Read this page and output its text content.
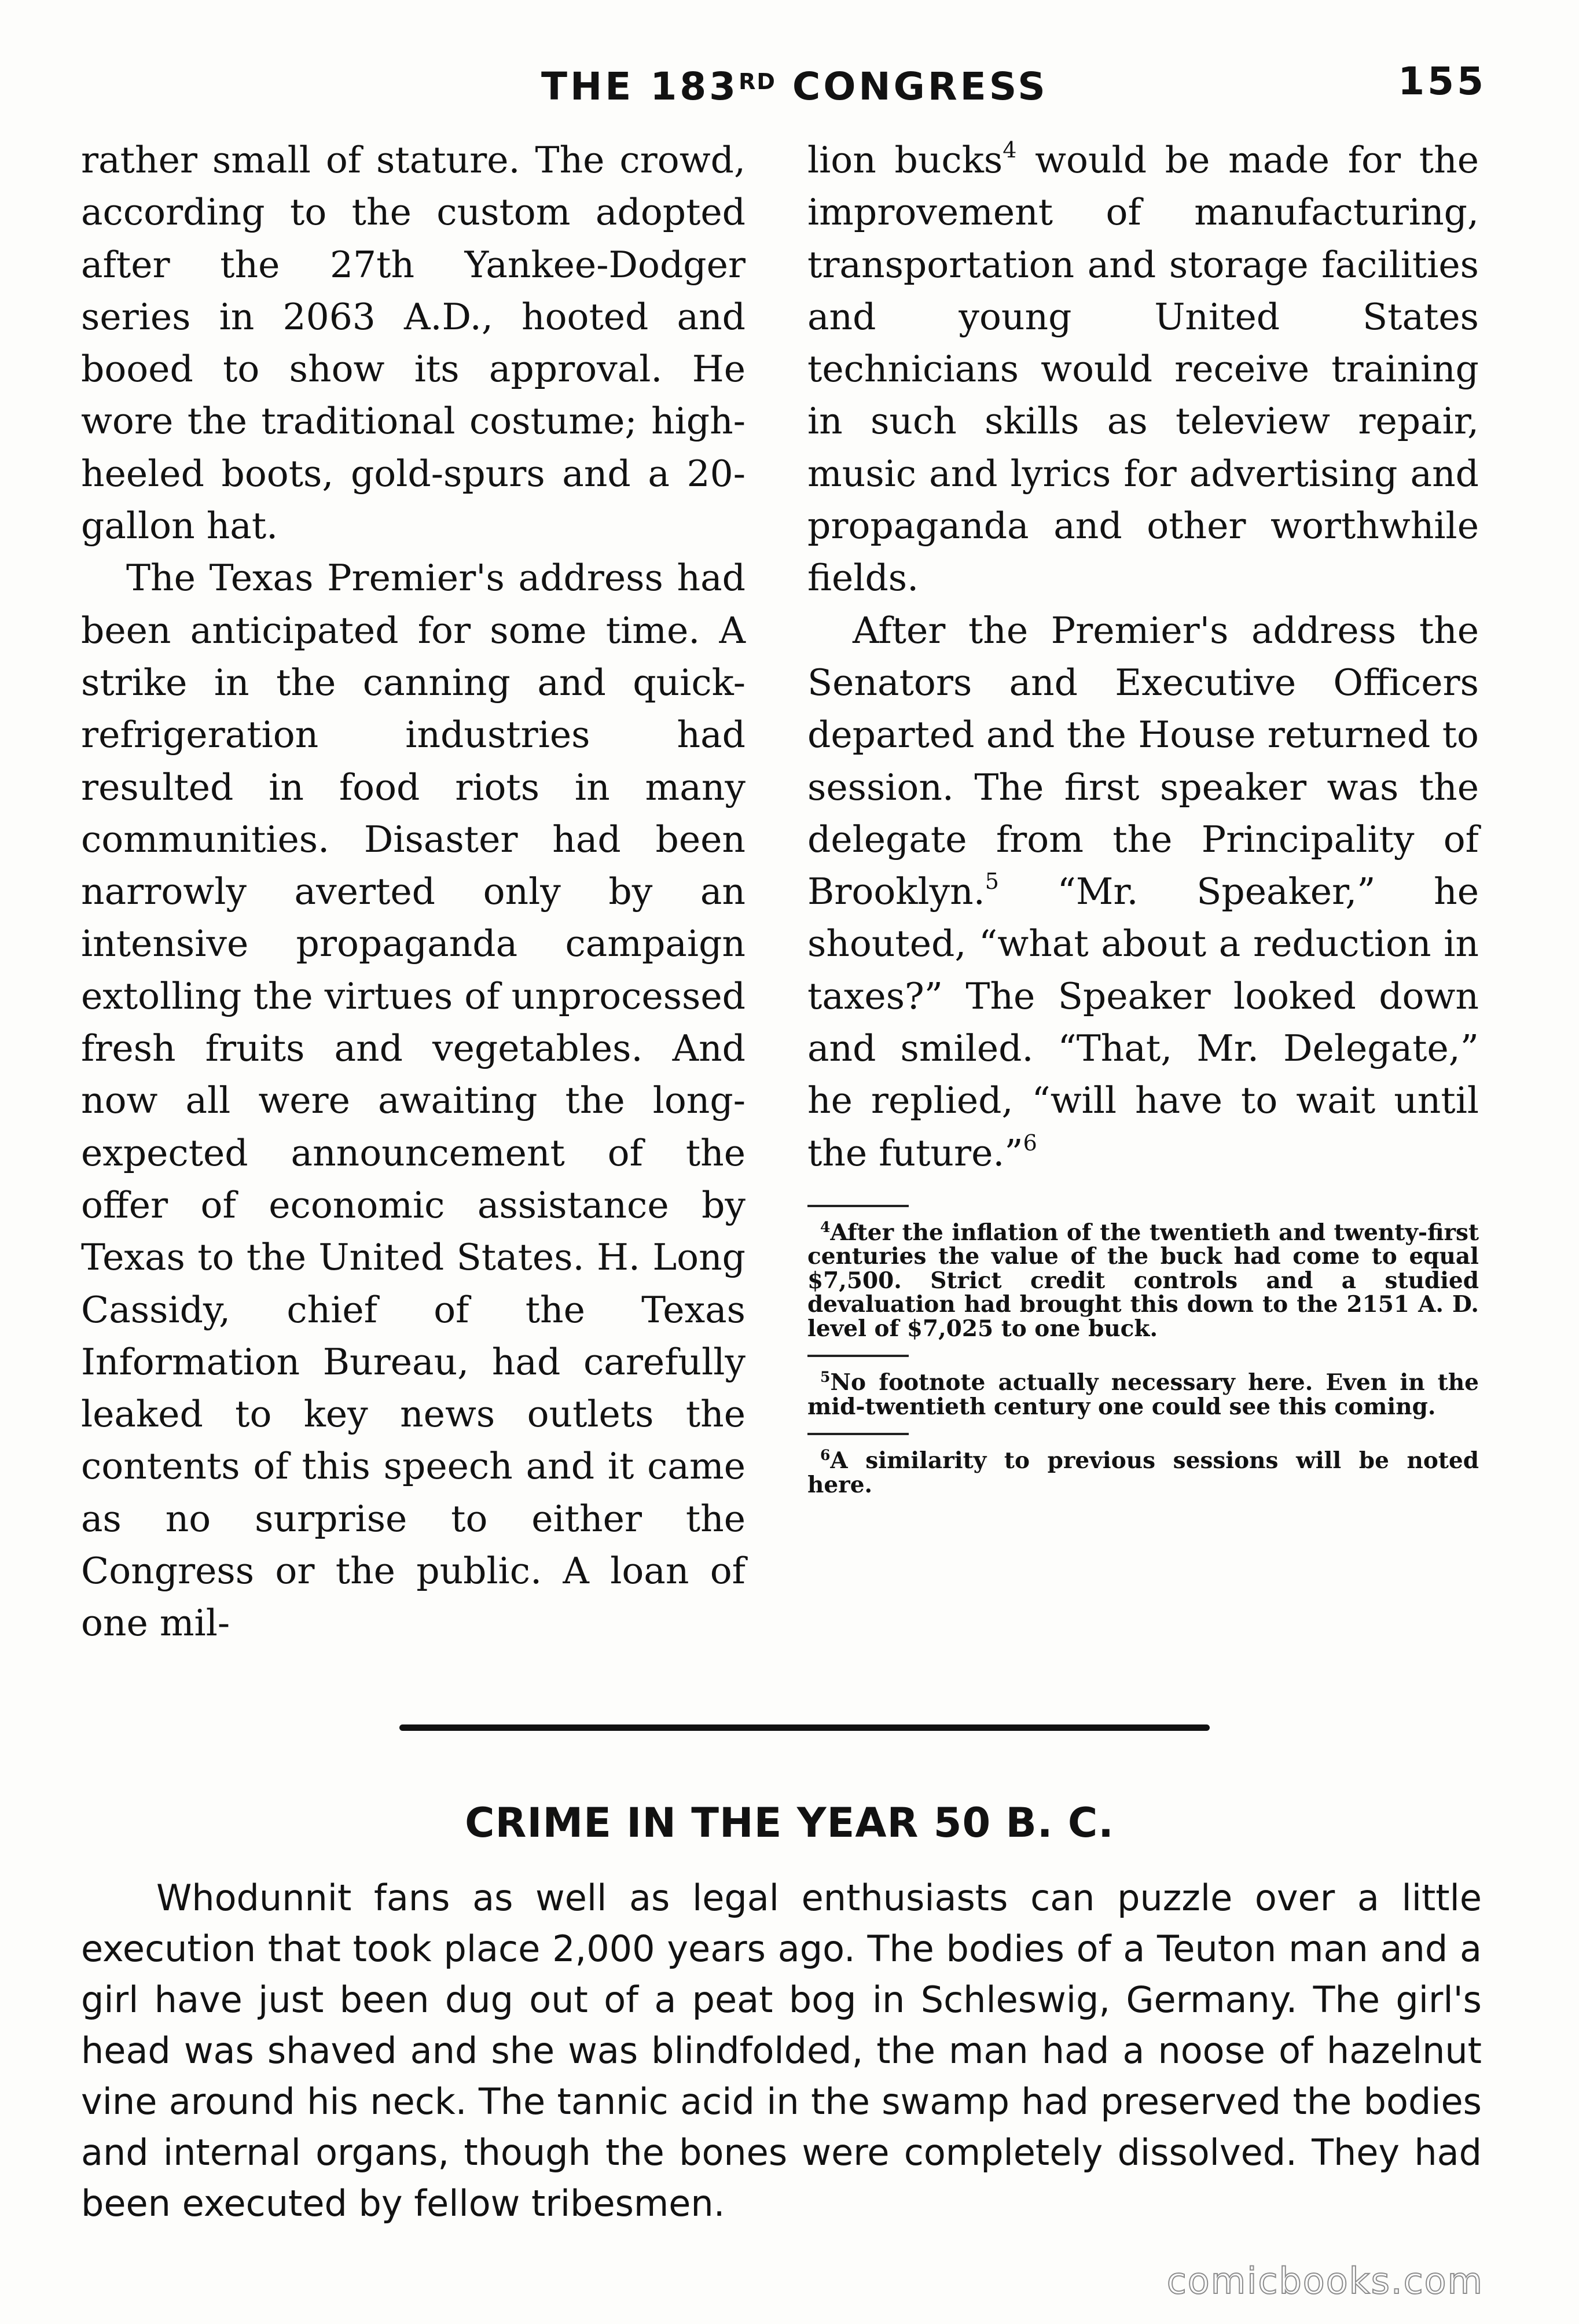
THE 183RD CONGRESS	155

rather small of stature. The crowd, according to the custom adopted after the 27th Yankee-Dodger series in 2063 A.D., hooted and booed to show its approval. He wore the traditional costume; high-heeled boots, gold-spurs and a 20-gallon hat.

The Texas Premier's address had been anticipated for some time. A strike in the canning and quick-refrigeration industries had resulted in food riots in many communities. Disaster had been narrowly averted only by an intensive propaganda campaign extolling the virtues of unprocessed fresh fruits and vegetables. And now all were awaiting the long-expected announcement of the offer of economic assistance by Texas to the United States. H. Long Cassidy, chief of the Texas Information Bureau, had carefully leaked to key news outlets the contents of this speech and it came as no surprise to either the Congress or the public. A loan of one mil-

lion bucks$^4$ would be made for the improvement of manufacturing, transportation and storage facilities and young United States technicians would receive training in such skills as teleview repair, music and lyrics for advertising and propaganda and other worthwhile fields.

After the Premier's address the Senators and Executive Officers departed and the House returned to session. The first speaker was the delegate from the Principality of Brooklyn.$^5$ “Mr. Speaker,” he shouted, “what about a reduction in taxes?” The Speaker looked down and smiled. “That, Mr. Delegate,” he replied, “will have to wait until the future.”$^6$

$^4$After the inflation of the twentieth and twenty-first centuries the value of the buck had come to equal $7,500. Strict credit controls and a studied devaluation had brought this down to the 2151 A. D. level of $7,025 to one buck.

$^5$No footnote actually necessary here. Even in the mid-twentieth century one could see this coming.

$^6$A similarity to previous sessions will be noted here.

CRIME IN THE YEAR 50 B. C.

Whodunnit fans as well as legal enthusiasts can puzzle over a little execution that took place 2,000 years ago. The bodies of a Teuton man and a girl have just been dug out of a peat bog in Schleswig, Germany. The girl's head was shaved and she was blindfolded, the man had a noose of hazelnut vine around his neck. The tannic acid in the swamp had preserved the bodies and internal organs, though the bones were completely dissolved. They had been executed by fellow tribesmen.

comicbooks.com
